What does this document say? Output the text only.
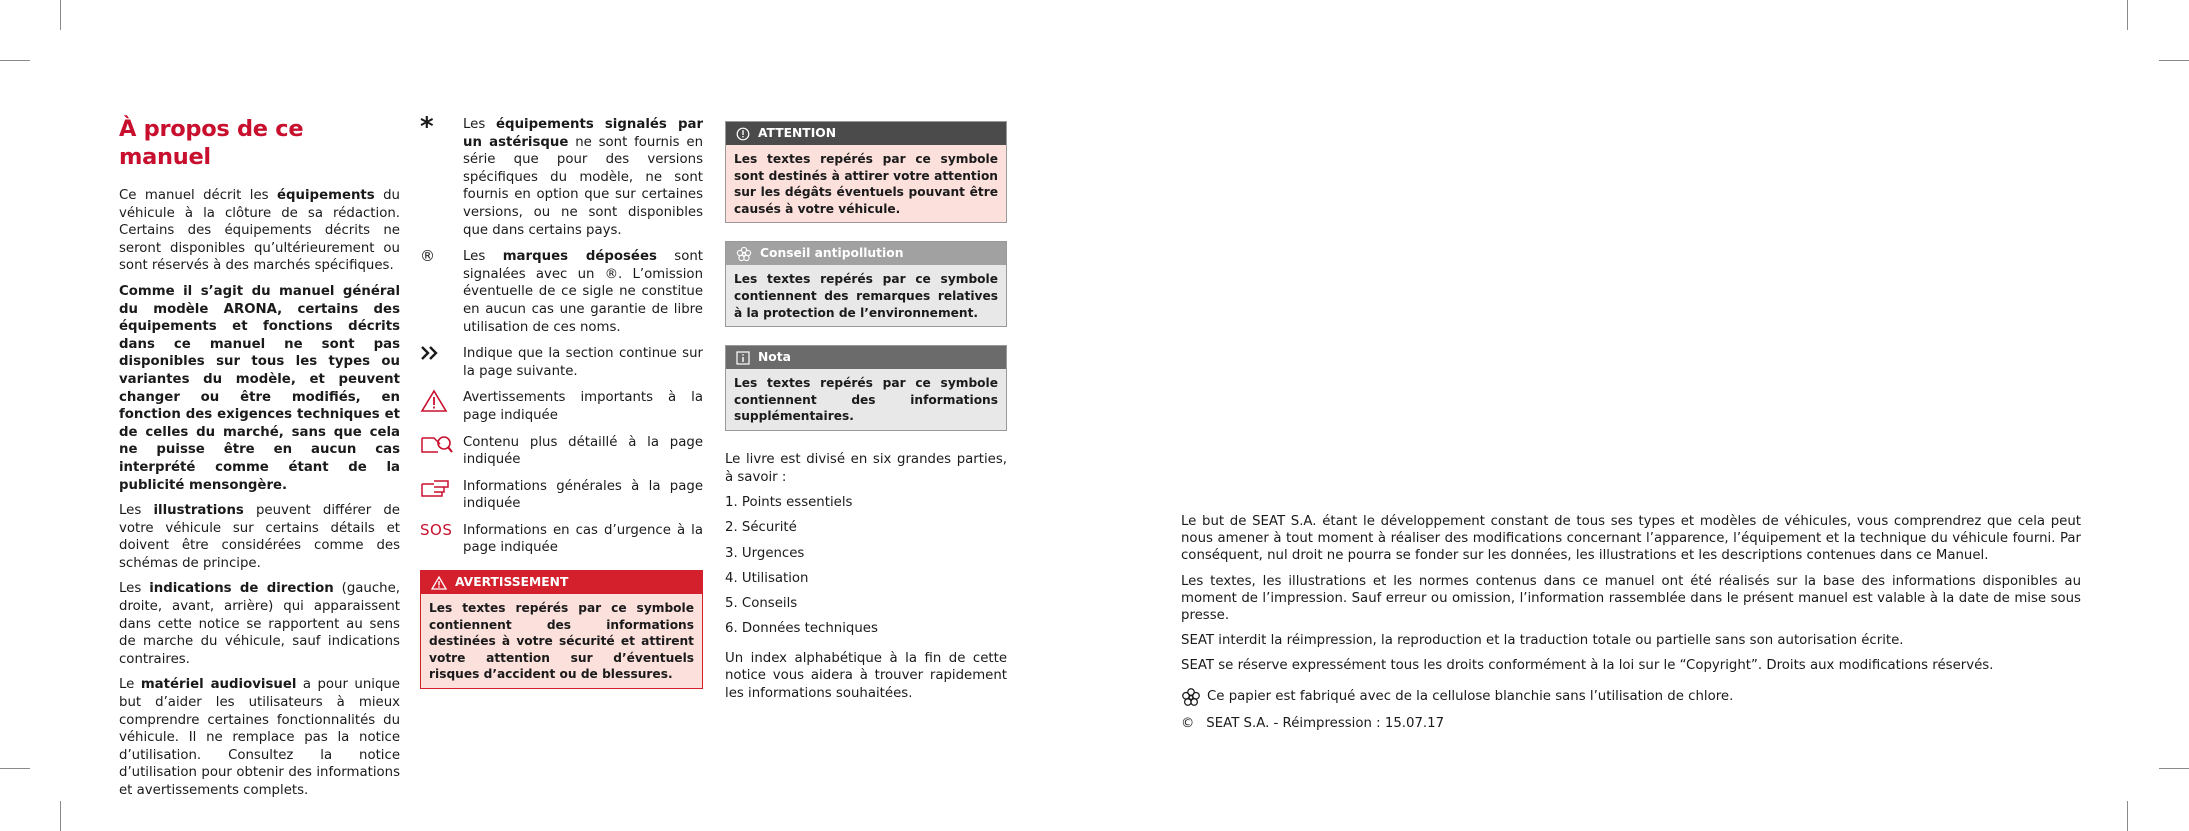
À propos de ce manuel

Ce manuel décrit les équipements du véhicule à la clôture de sa rédaction. Certains des équipements décrits ne seront disponibles qu’ultérieurement ou sont réservés à des marchés spécifiques.

Comme il s’agit du manuel général du modèle ARONA, certains des équipements et fonctions décrits dans ce manuel ne sont pas disponibles sur tous les types ou variantes du modèle, et peuvent changer ou être modifiés, en fonction des exigences techniques et de celles du marché, sans que cela ne puisse être en aucun cas interprété comme étant de la publicité mensongère.

Les illustrations peuvent différer de votre véhicule sur certains détails et doivent être considérées comme des schémas de principe.

Les indications de direction (gauche, droite, avant, arrière) qui apparaissent dans cette notice se rapportent au sens de marche du véhicule, sauf indications contraires.

Le matériel audiovisuel a pour unique but d’aider les utilisateurs à mieux comprendre certaines fonctionnalités du véhicule. Il ne remplace pas la notice d’utilisation. Consultez la notice d’utilisation pour obtenir des informations et avertissements complets.

*	Les équipements signalés par un astérisque ne sont fournis en série que pour des versions spécifiques du modèle, ne sont fournis en option que sur certaines versions, ou ne sont disponibles que dans certains pays.
®	Les marques déposées sont signalées avec un ®. L’omission éventuelle de ce sigle ne constitue en aucun cas une garantie de libre utilisation de ces noms.
Indique que la section continue sur la page suivante.
Avertissements importants à la page indiquée
Contenu plus détaillé à la page indiquée
Informations générales à la page indiquée
SOS Informations en cas d’urgence à la page indiquée
AVERTISSEMENT
Les textes repérés par ce symbole contiennent des informations destinées à votre sécurité et attirent votre attention sur d’éventuels risques d’accident ou de blessures.
ATTENTION
Les textes repérés par ce symbole sont destinés à attirer votre attention sur les dégâts éventuels pouvant être causés à votre véhicule.
Conseil antipollution
Les textes repérés par ce symbole contiennent des remarques relatives à la protection de l’environnement.
Nota
Les textes repérés par ce symbole contiennent des informations supplémentaires.

Le livre est divisé en six grandes parties, à savoir :

1. Points essentiels
2. Sécurité
3. Urgences
4. Utilisation
5. Conseils
6. Données techniques

Un index alphabétique à la fin de cette notice vous aidera à trouver rapidement les informations souhaitées.

Le but de SEAT S.A. étant le développement constant de tous ses types et modèles de véhicules, vous comprendrez que cela peut nous amener à tout moment à réaliser des modifications concernant l’apparence, l’équipement et la technique du véhicule fourni. Par conséquent, nul droit ne pourra se fonder sur les données, les illustrations et les descriptions contenues dans ce Manuel.

Les textes, les illustrations et les normes contenus dans ce manuel ont été réalisés sur la base des informations disponibles au moment de l’impression. Sauf erreur ou omission, l’information rassemblée dans le présent manuel est valable à la date de mise sous presse.

SEAT interdit la réimpression, la reproduction et la traduction totale ou partielle sans son autorisation écrite.

SEAT se réserve expressément tous les droits conformément à la loi sur le “Copyright”. Droits aux modifications réservés.

Ce papier est fabriqué avec de la cellulose blanchie sans l’utilisation de chlore.
© SEAT S.A. - Réimpression : 15.07.17
